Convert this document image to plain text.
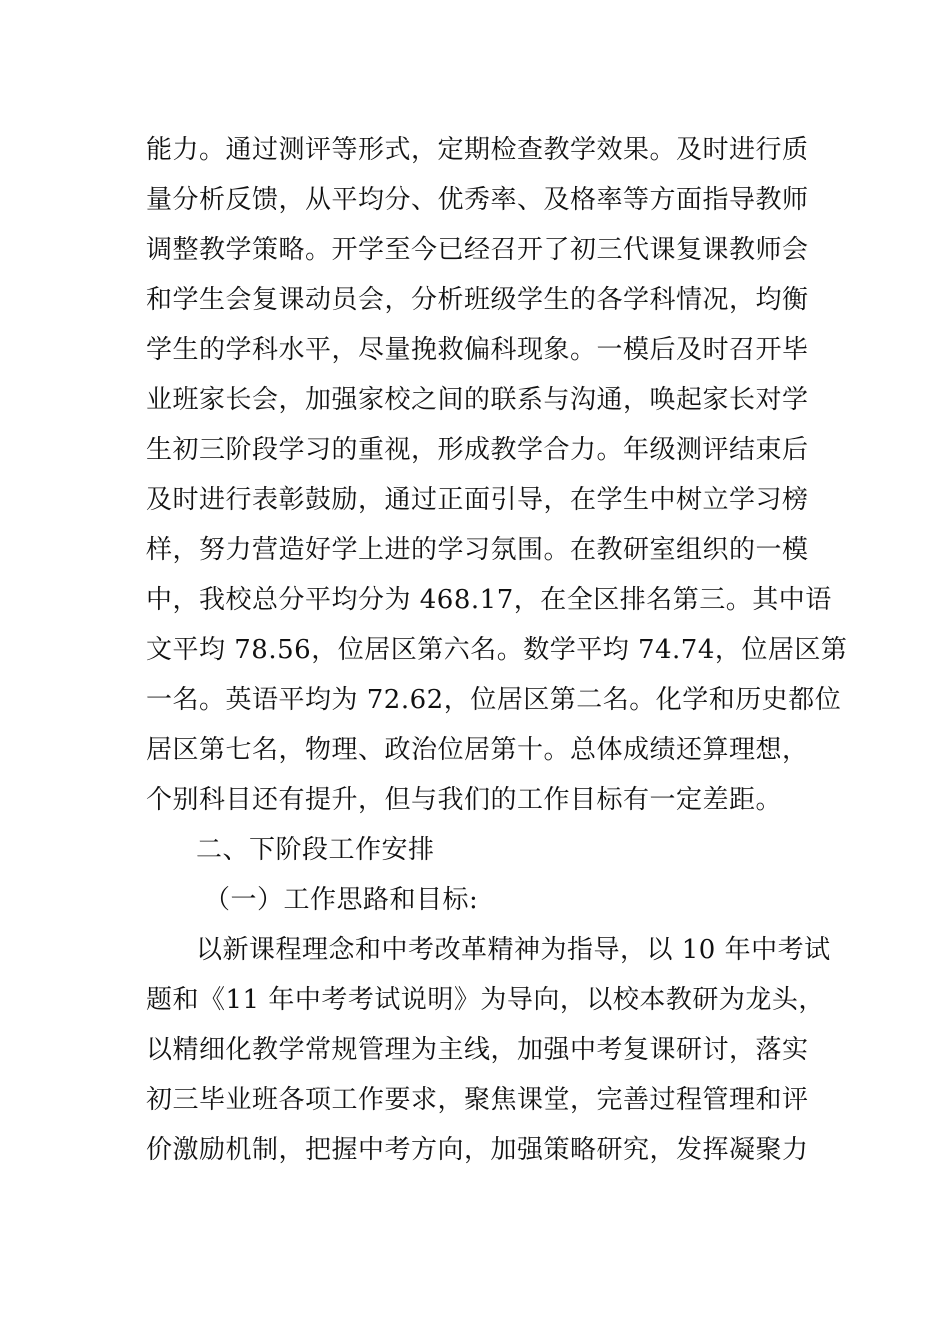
能力。通过测评等形式，定期检查教学效果。及时进行质
量分析反馈，从平均分、优秀率、及格率等方面指导教师
调整教学策略。开学至今已经召开了初三代课复课教师会
和学生会复课动员会，分析班级学生的各学科情况，均衡
学生的学科水平，尽量挽救偏科现象。一模后及时召开毕
业班家长会，加强家校之间的联系与沟通，唤起家长对学
生初三阶段学习的重视，形成教学合力。年级测评结束后
及时进行表彰鼓励，通过正面引导，在学生中树立学习榜
样，努力营造好学上进的学习氛围。在教研室组织的一模
中，我校总分平均分为 468.17，在全区排名第三。其中语
文平均 78.56，位居区第六名。数学平均 74.74，位居区第
一名。英语平均为 72.62，位居区第二名。化学和历史都位
居区第七名，物理、政治位居第十。总体成绩还算理想，
个别科目还有提升，但与我们的工作目标有一定差距。
二、下阶段工作安排
（一）工作思路和目标:
以新课程理念和中考改革精神为指导，以 10 年中考试
题和《11 年中考考试说明》为导向，以校本教研为龙头，
以精细化教学常规管理为主线，加强中考复课研讨，落实
初三毕业班各项工作要求，聚焦课堂，完善过程管理和评
价激励机制，把握中考方向，加强策略研究，发挥凝聚力
